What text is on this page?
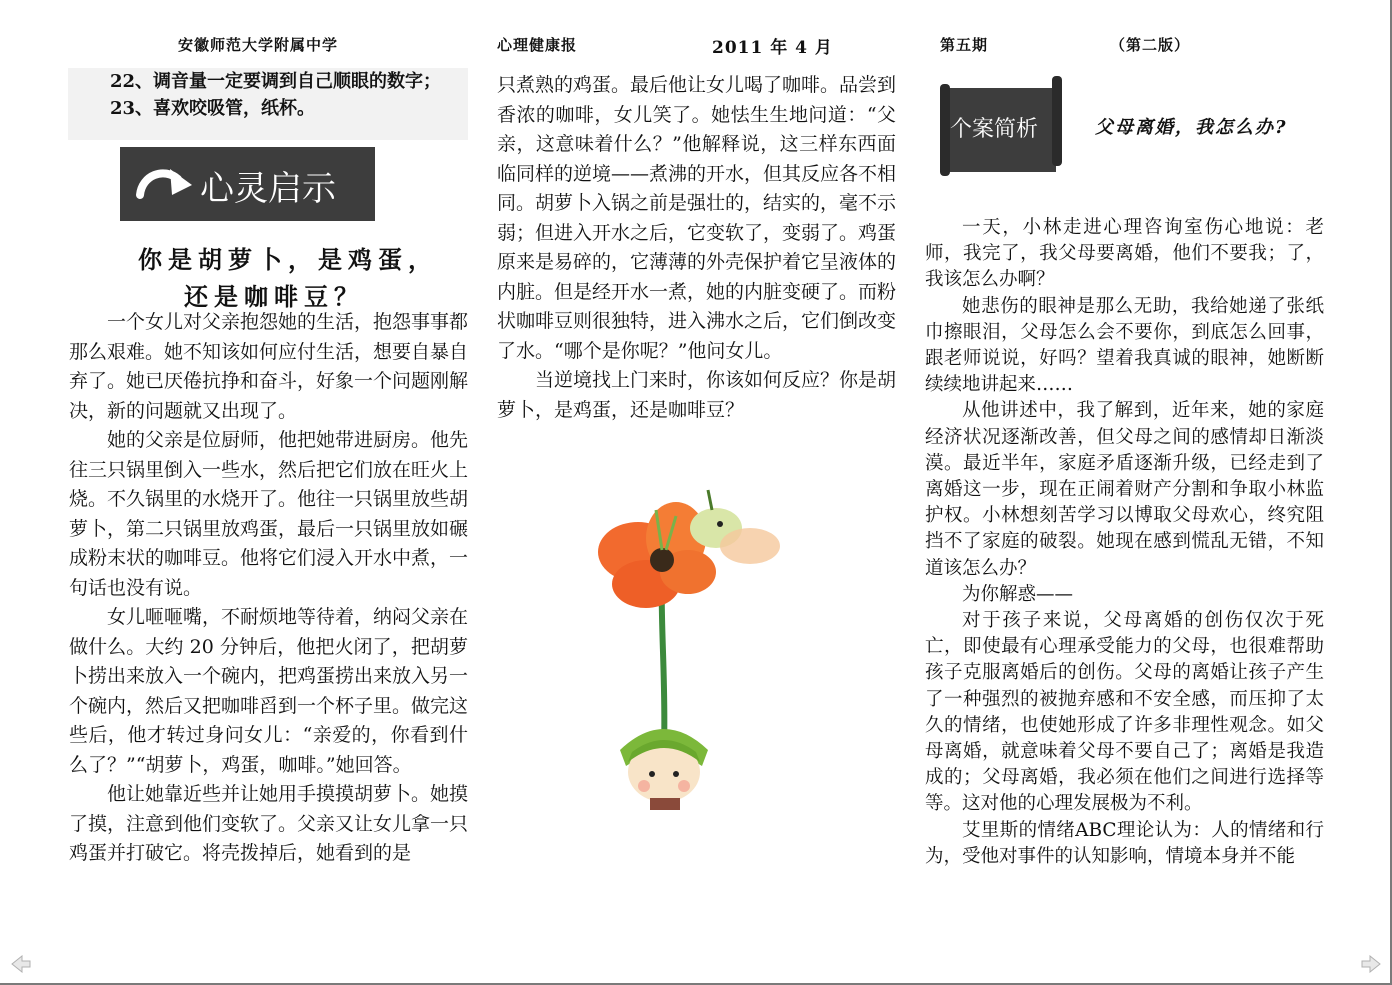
安徽师范大学附属中学	心理健康报	2011 年 4 月	第五期	（第二版）
22、调音量一定要调到自己顺眼的数字；
23、喜欢咬吸管，纸杯。
心灵启示
你是胡萝卜，是鸡蛋，
还是咖啡豆？

一个女儿对父亲抱怨她的生活，抱怨事事都那么艰难。她不知该如何应付生活，想要自暴自弃了。她已厌倦抗挣和奋斗，好象一个问题刚解决，新的问题就又出现了。

她的父亲是位厨师，他把她带进厨房。他先往三只锅里倒入一些水，然后把它们放在旺火上烧。不久锅里的水烧开了。他往一只锅里放些胡萝卜，第二只锅里放鸡蛋，最后一只锅里放如碾成粉末状的咖啡豆。他将它们浸入开水中煮，一句话也没有说。

女儿咂咂嘴，不耐烦地等待着，纳闷父亲在做什么。大约 20 分钟后，他把火闭了，把胡萝卜捞出来放入一个碗内，把鸡蛋捞出来放入另一个碗内，然后又把咖啡舀到一个杯子里。做完这些后，他才转过身问女儿：“亲爱的，你看到什么了？”“胡萝卜，鸡蛋，咖啡。”她回答。

他让她靠近些并让她用手摸摸胡萝卜。她摸了摸，注意到他们变软了。父亲又让女儿拿一只鸡蛋并打破它。将壳拨掉后，她看到的是

只煮熟的鸡蛋。最后他让女儿喝了咖啡。品尝到香浓的咖啡，女儿笑了。她怯生生地问道：“父亲，这意味着什么？”他解释说，这三样东西面临同样的逆境——煮沸的开水，但其反应各不相同。胡萝卜入锅之前是强壮的，结实的，毫不示弱；但进入开水之后，它变软了，变弱了。鸡蛋原来是易碎的，它薄薄的外壳保护着它呈液体的内脏。但是经开水一煮，她的内脏变硬了。而粉状咖啡豆则很独特，进入沸水之后，它们倒改变了水。“哪个是你呢？”他问女儿。

当逆境找上门来时，你该如何反应？你是胡萝卜，是鸡蛋，还是咖啡豆？

个案简析	父母离婚，我怎么办?

一天，小林走进心理咨询室伤心地说：老师，我完了，我父母要离婚，他们不要我；了，我该怎么办啊？

她悲伤的眼神是那么无助，我给她递了张纸巾擦眼泪，父母怎么会不要你，到底怎么回事，跟老师说说，好吗？望着我真诚的眼神，她断断续续地讲起来……

从他讲述中，我了解到，近年来，她的家庭经济状况逐渐改善，但父母之间的感情却日渐淡漠。最近半年，家庭矛盾逐渐升级，已经走到了离婚这一步，现在正闹着财产分割和争取小林监护权。小林想刻苦学习以博取父母欢心，终究阻挡不了家庭的破裂。她现在感到慌乱无错，不知道该怎么办？

为你解惑——

对于孩子来说，父母离婚的创伤仅次于死亡，即使最有心理承受能力的父母，也很难帮助孩子克服离婚后的创伤。父母的离婚让孩子产生了一种强烈的被抛弃感和不安全感，而压抑了太久的情绪，也使她形成了许多非理性观念。如父母离婚，就意味着父母不要自己了；离婚是我造成的；父母离婚，我必须在他们之间进行选择等等。这对他的心理发展极为不利。

艾里斯的情绪ABC理论认为：人的情绪和行为，受他对事件的认知影响，情境本身并不能
